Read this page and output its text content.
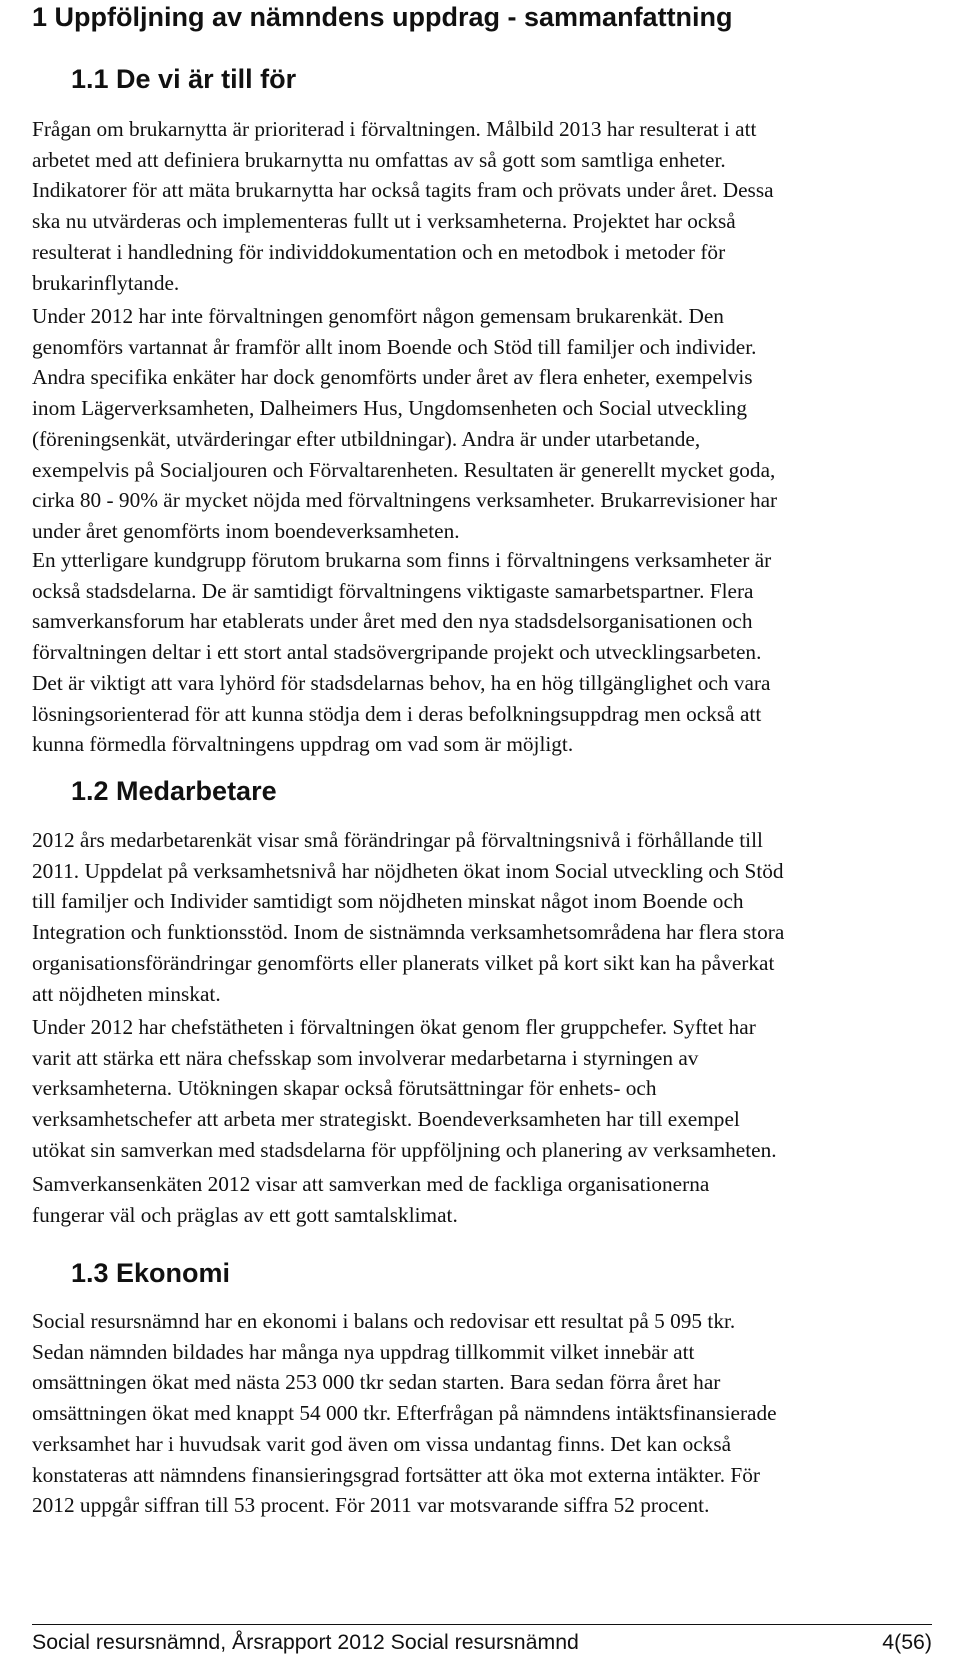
1 Uppföljning av nämndens uppdrag - sammanfattning
1.1 De vi är till för

Frågan om brukarnytta är prioriterad i förvaltningen. Målbild 2013 har resulterat i att
arbetet med att definiera brukarnytta nu omfattas av så gott som samtliga enheter.
Indikatorer för att mäta brukarnytta har också tagits fram och prövats under året. Dessa
ska nu utvärderas och implementeras fullt ut i verksamheterna. Projektet har också
resulterat i handledning för individdokumentation och en metodbok i metoder för
brukarinflytande.

Under 2012 har inte förvaltningen genomfört någon gemensam brukarenkät. Den
genomförs vartannat år framför allt inom Boende och Stöd till familjer och individer.
Andra specifika enkäter har dock genomförts under året av flera enheter, exempelvis
inom Lägerverksamheten, Dalheimers Hus, Ungdomsenheten och Social utveckling
(föreningsenkät, utvärderingar efter utbildningar). Andra är under utarbetande,
exempelvis på Socialjouren och Förvaltarenheten. Resultaten är generellt mycket goda,
cirka 80 - 90% är mycket nöjda med förvaltningens verksamheter. Brukarrevisioner har
under året genomförts inom boendeverksamheten.

En ytterligare kundgrupp förutom brukarna som finns i förvaltningens verksamheter är
också stadsdelarna. De är samtidigt förvaltningens viktigaste samarbetspartner. Flera
samverkansforum har etablerats under året med den nya stadsdelsorganisationen och
förvaltningen deltar i ett stort antal stadsövergripande projekt och utvecklingsarbeten.
Det är viktigt att vara lyhörd för stadsdelarnas behov, ha en hög tillgänglighet och vara
lösningsorienterad för att kunna stödja dem i deras befolkningsuppdrag men också att
kunna förmedla förvaltningens uppdrag om vad som är möjligt.

1.2 Medarbetare

2012 års medarbetarenkät visar små förändringar på förvaltningsnivå i förhållande till
2011. Uppdelat på verksamhetsnivå har nöjdheten ökat inom Social utveckling och Stöd
till familjer och Individer samtidigt som nöjdheten minskat något inom Boende och
Integration och funktionsstöd. Inom de sistnämnda verksamhetsområdena har flera stora
organisationsförändringar genomförts eller planerats vilket på kort sikt kan ha påverkat
att nöjdheten minskat.

Under 2012 har chefstätheten i förvaltningen ökat genom fler gruppchefer. Syftet har
varit att stärka ett nära chefsskap som involverar medarbetarna i styrningen av
verksamheterna. Utökningen skapar också förutsättningar för enhets- och
verksamhetschefer att arbeta mer strategiskt. Boendeverksamheten har till exempel
utökat sin samverkan med stadsdelarna för uppföljning och planering av verksamheten.

Samverkansenkäten 2012 visar att samverkan med de fackliga organisationerna
fungerar väl och präglas av ett gott samtalsklimat.

1.3 Ekonomi

Social resursnämnd har en ekonomi i balans och redovisar ett resultat på 5 095 tkr.
Sedan nämnden bildades har många nya uppdrag tillkommit vilket innebär att
omsättningen ökat med nästa 253 000 tkr sedan starten. Bara sedan förra året har
omsättningen ökat med knappt 54 000 tkr. Efterfrågan på nämndens intäktsfinansierade
verksamhet har i huvudsak varit god även om vissa undantag finns. Det kan också
konstateras att nämndens finansieringsgrad fortsätter att öka mot externa intäkter. För
2012 uppgår siffran till 53 procent. För 2011 var motsvarande siffra 52 procent.

Social resursnämnd, Årsrapport 2012 Social resursnämnd	4(56)
